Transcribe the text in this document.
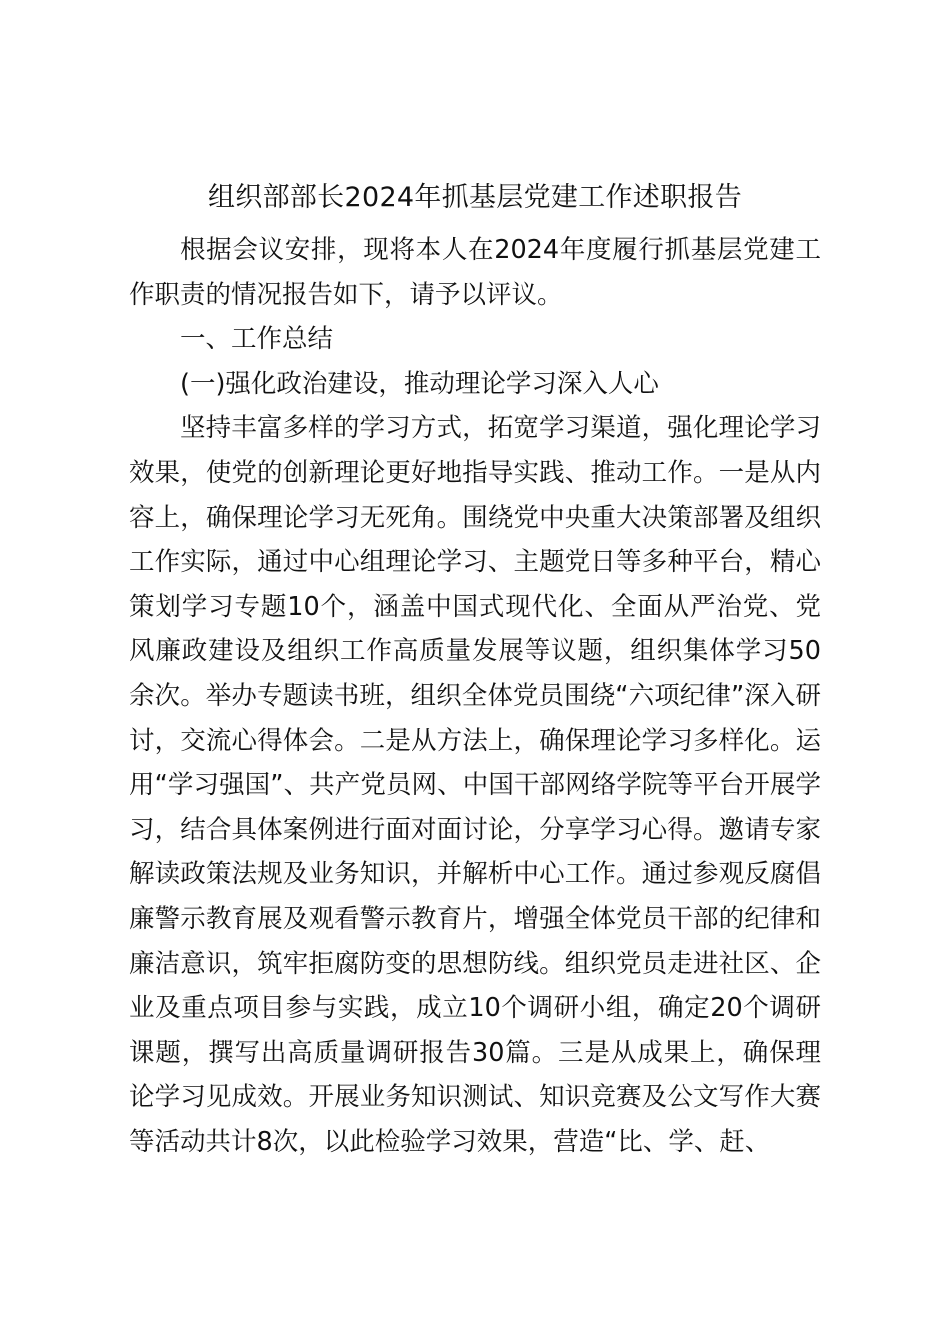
组织部部长2024年抓基层党建工作述职报告

根据会议安排，现将本人在2024年度履行抓基层党建工作职责的情况报告如下，请予以评议。

一、工作总结

(一)强化政治建设，推动理论学习深入人心

坚持丰富多样的学习方式，拓宽学习渠道，强化理论学习效果，使党的创新理论更好地指导实践、推动工作。一是从内容上，确保理论学习无死角。围绕党中央重大决策部署及组织工作实际，通过中心组理论学习、主题党日等多种平台，精心策划学习专题10个，涵盖中国式现代化、全面从严治党、党风廉政建设及组织工作高质量发展等议题，组织集体学习50余次。举办专题读书班，组织全体党员围绕“六项纪律”深入研讨，交流心得体会。二是从方法上，确保理论学习多样化。运用“学习强国”、共产党员网、中国干部网络学院等平台开展学习，结合具体案例进行面对面讨论，分享学习心得。邀请专家解读政策法规及业务知识，并解析中心工作。通过参观反腐倡廉警示教育展及观看警示教育片，增强全体党员干部的纪律和廉洁意识，筑牢拒腐防变的思想防线。组织党员走进社区、企业及重点项目参与实践，成立10个调研小组，确定20个调研课题，撰写出高质量调研报告30篇。三是从成果上，确保理论学习见成效。开展业务知识测试、知识竞赛及公文写作大赛等活动共计8次，以此检验学习效果，营造“比、学、赶、
